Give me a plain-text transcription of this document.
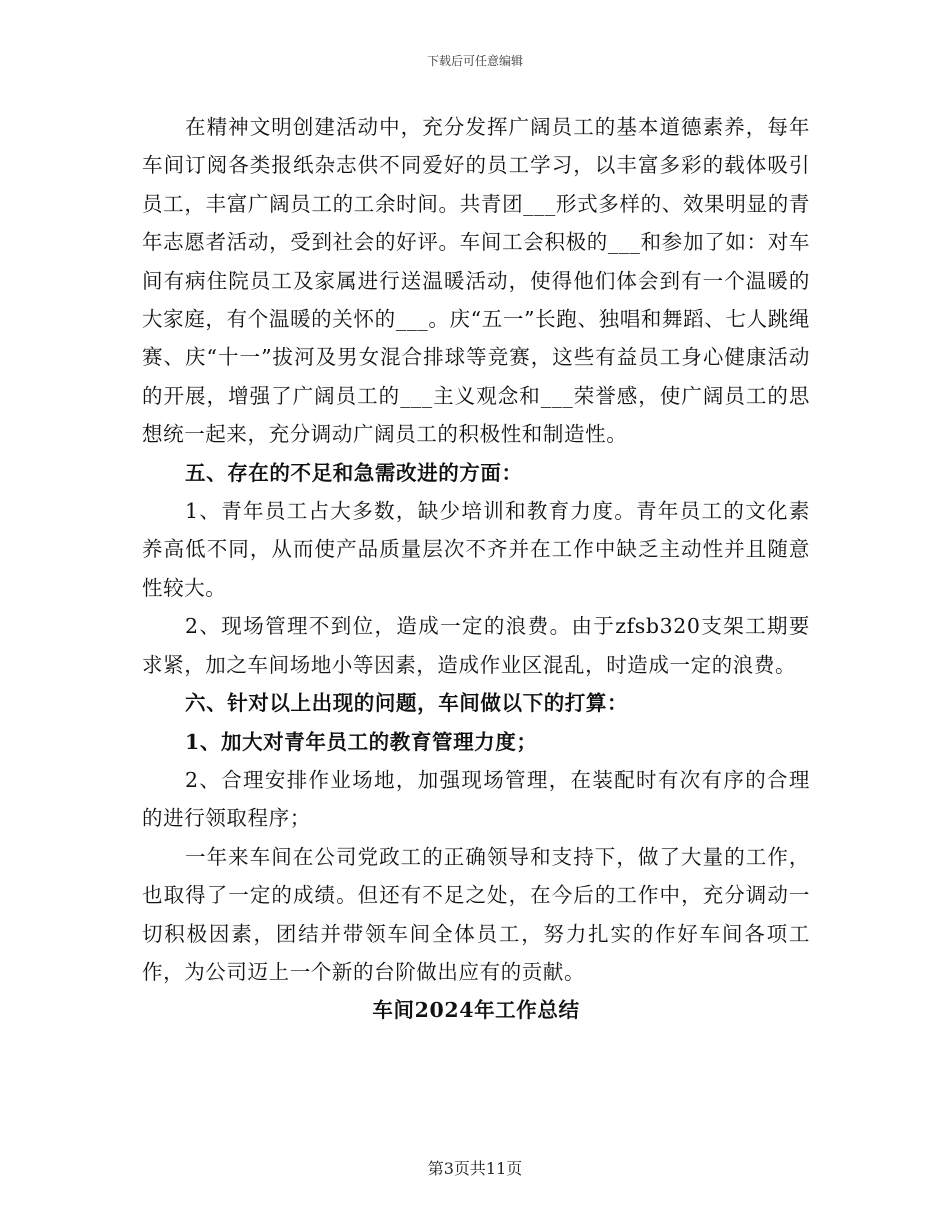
下载后可任意编辑

在精神文明创建活动中，充分发挥广阔员工的基本道德素养，每年车间订阅各类报纸杂志供不同爱好的员工学习，以丰富多彩的载体吸引员工，丰富广阔员工的工余时间。共青团___形式多样的、效果明显的青年志愿者活动，受到社会的好评。车间工会积极的___和参加了如：对车间有病住院员工及家属进行送温暖活动，使得他们体会到有一个温暖的大家庭，有个温暖的关怀的___。庆“五一”长跑、独唱和舞蹈、七人跳绳赛、庆“十一”拔河及男女混合排球等竞赛，这些有益员工身心健康活动的开展，增强了广阔员工的___主义观念和___荣誉感，使广阔员工的思想统一起来，充分调动广阔员工的积极性和制造性。

五、存在的不足和急需改进的方面：

1、青年员工占大多数，缺少培训和教育力度。青年员工的文化素养高低不同，从而使产品质量层次不齐并在工作中缺乏主动性并且随意性较大。

2、现场管理不到位，造成一定的浪费。由于zfsb320支架工期要求紧，加之车间场地小等因素，造成作业区混乱，时造成一定的浪费。

六、针对以上出现的问题，车间做以下的打算：

1、加大对青年员工的教育管理力度；

2、合理安排作业场地，加强现场管理，在装配时有次有序的合理的进行领取程序；

一年来车间在公司党政工的正确领导和支持下，做了大量的工作，也取得了一定的成绩。但还有不足之处，在今后的工作中，充分调动一切积极因素，团结并带领车间全体员工，努力扎实的作好车间各项工作，为公司迈上一个新的台阶做出应有的贡献。

车间2024年工作总结

第3页共11页
